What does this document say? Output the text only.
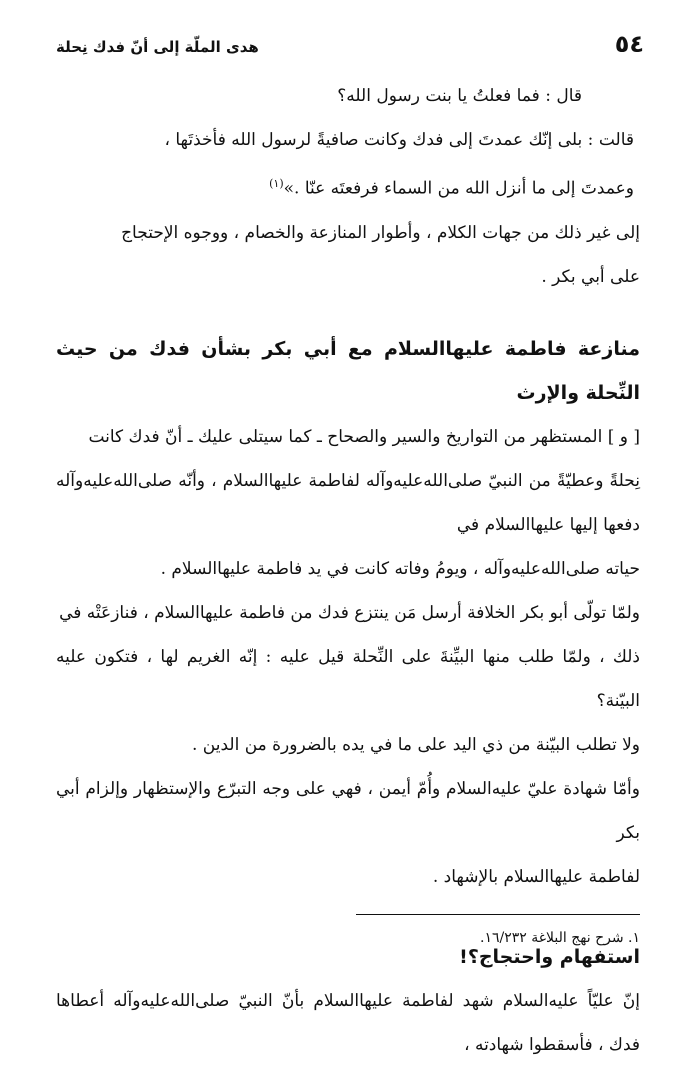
٥٤
هدى الملّة إلى أنّ فدك نِحلة

قال : فما فعلتُ يا بنت رسول الله؟

قالت : بلى إنّك عمدتَ إلى فدك وكانت صافيةً لرسول الله فأخذتَها ،

وعمدتَ إلى ما أنزل الله من السماء فرفعتَه عنّا .»$^{(١)}$

إلى غير ذلك من جهات الكلام ، وأطوار المنازعة والخصام ، ووجوه الإحتجاج

على أبي بكر .

منازعة فاطمة عليها‌السلام مع أبي بكر بشأن فدك من حيث النِّحلة والإرث

[ و ] المستظهر من التواريخ والسير والصحاح ـ كما سيتلى عليك ـ أنّ فدك كانت

نِحلةً وعطيّةً من النبيّ صلى‌الله‌عليه‌وآله لفاطمة عليها‌السلام ، وأنّه صلى‌الله‌عليه‌وآله دفعها إليها عليها‌السلام في

حياته صلى‌الله‌عليه‌وآله ، ويومُ وفاته كانت في يد فاطمة عليها‌السلام .

ولمّا تولّى أبو بكر الخلافة أرسل مَن ينتزع فدك من فاطمة عليها‌السلام ، فنازعَتْه في

ذلك ، ولمّا طلب منها البيِّنةَ على النِّحلة قيل عليه : إنّه الغريم لها ، فتكون عليه البيّنة؟

ولا تطلب البيّنة من ذي اليد على ما في يده بالضرورة من الدين .

وأمّا شهادة عليّ عليه‌السلام وأُمّ أيمن ، فهي على وجه التبرّع والإستظهار وإلزام أبي بكر

لفاطمة عليها‌السلام بالإشهاد .

استفهام واحتجاج؟!

إنّ عليّاً عليه‌السلام شهد لفاطمة عليها‌السلام بأنّ النبيّ صلى‌الله‌عليه‌وآله أعطاها فدك ، فأسقطوا شهادته ،

١. شرح نهج البلاغة ١٦/٢٣٢.
